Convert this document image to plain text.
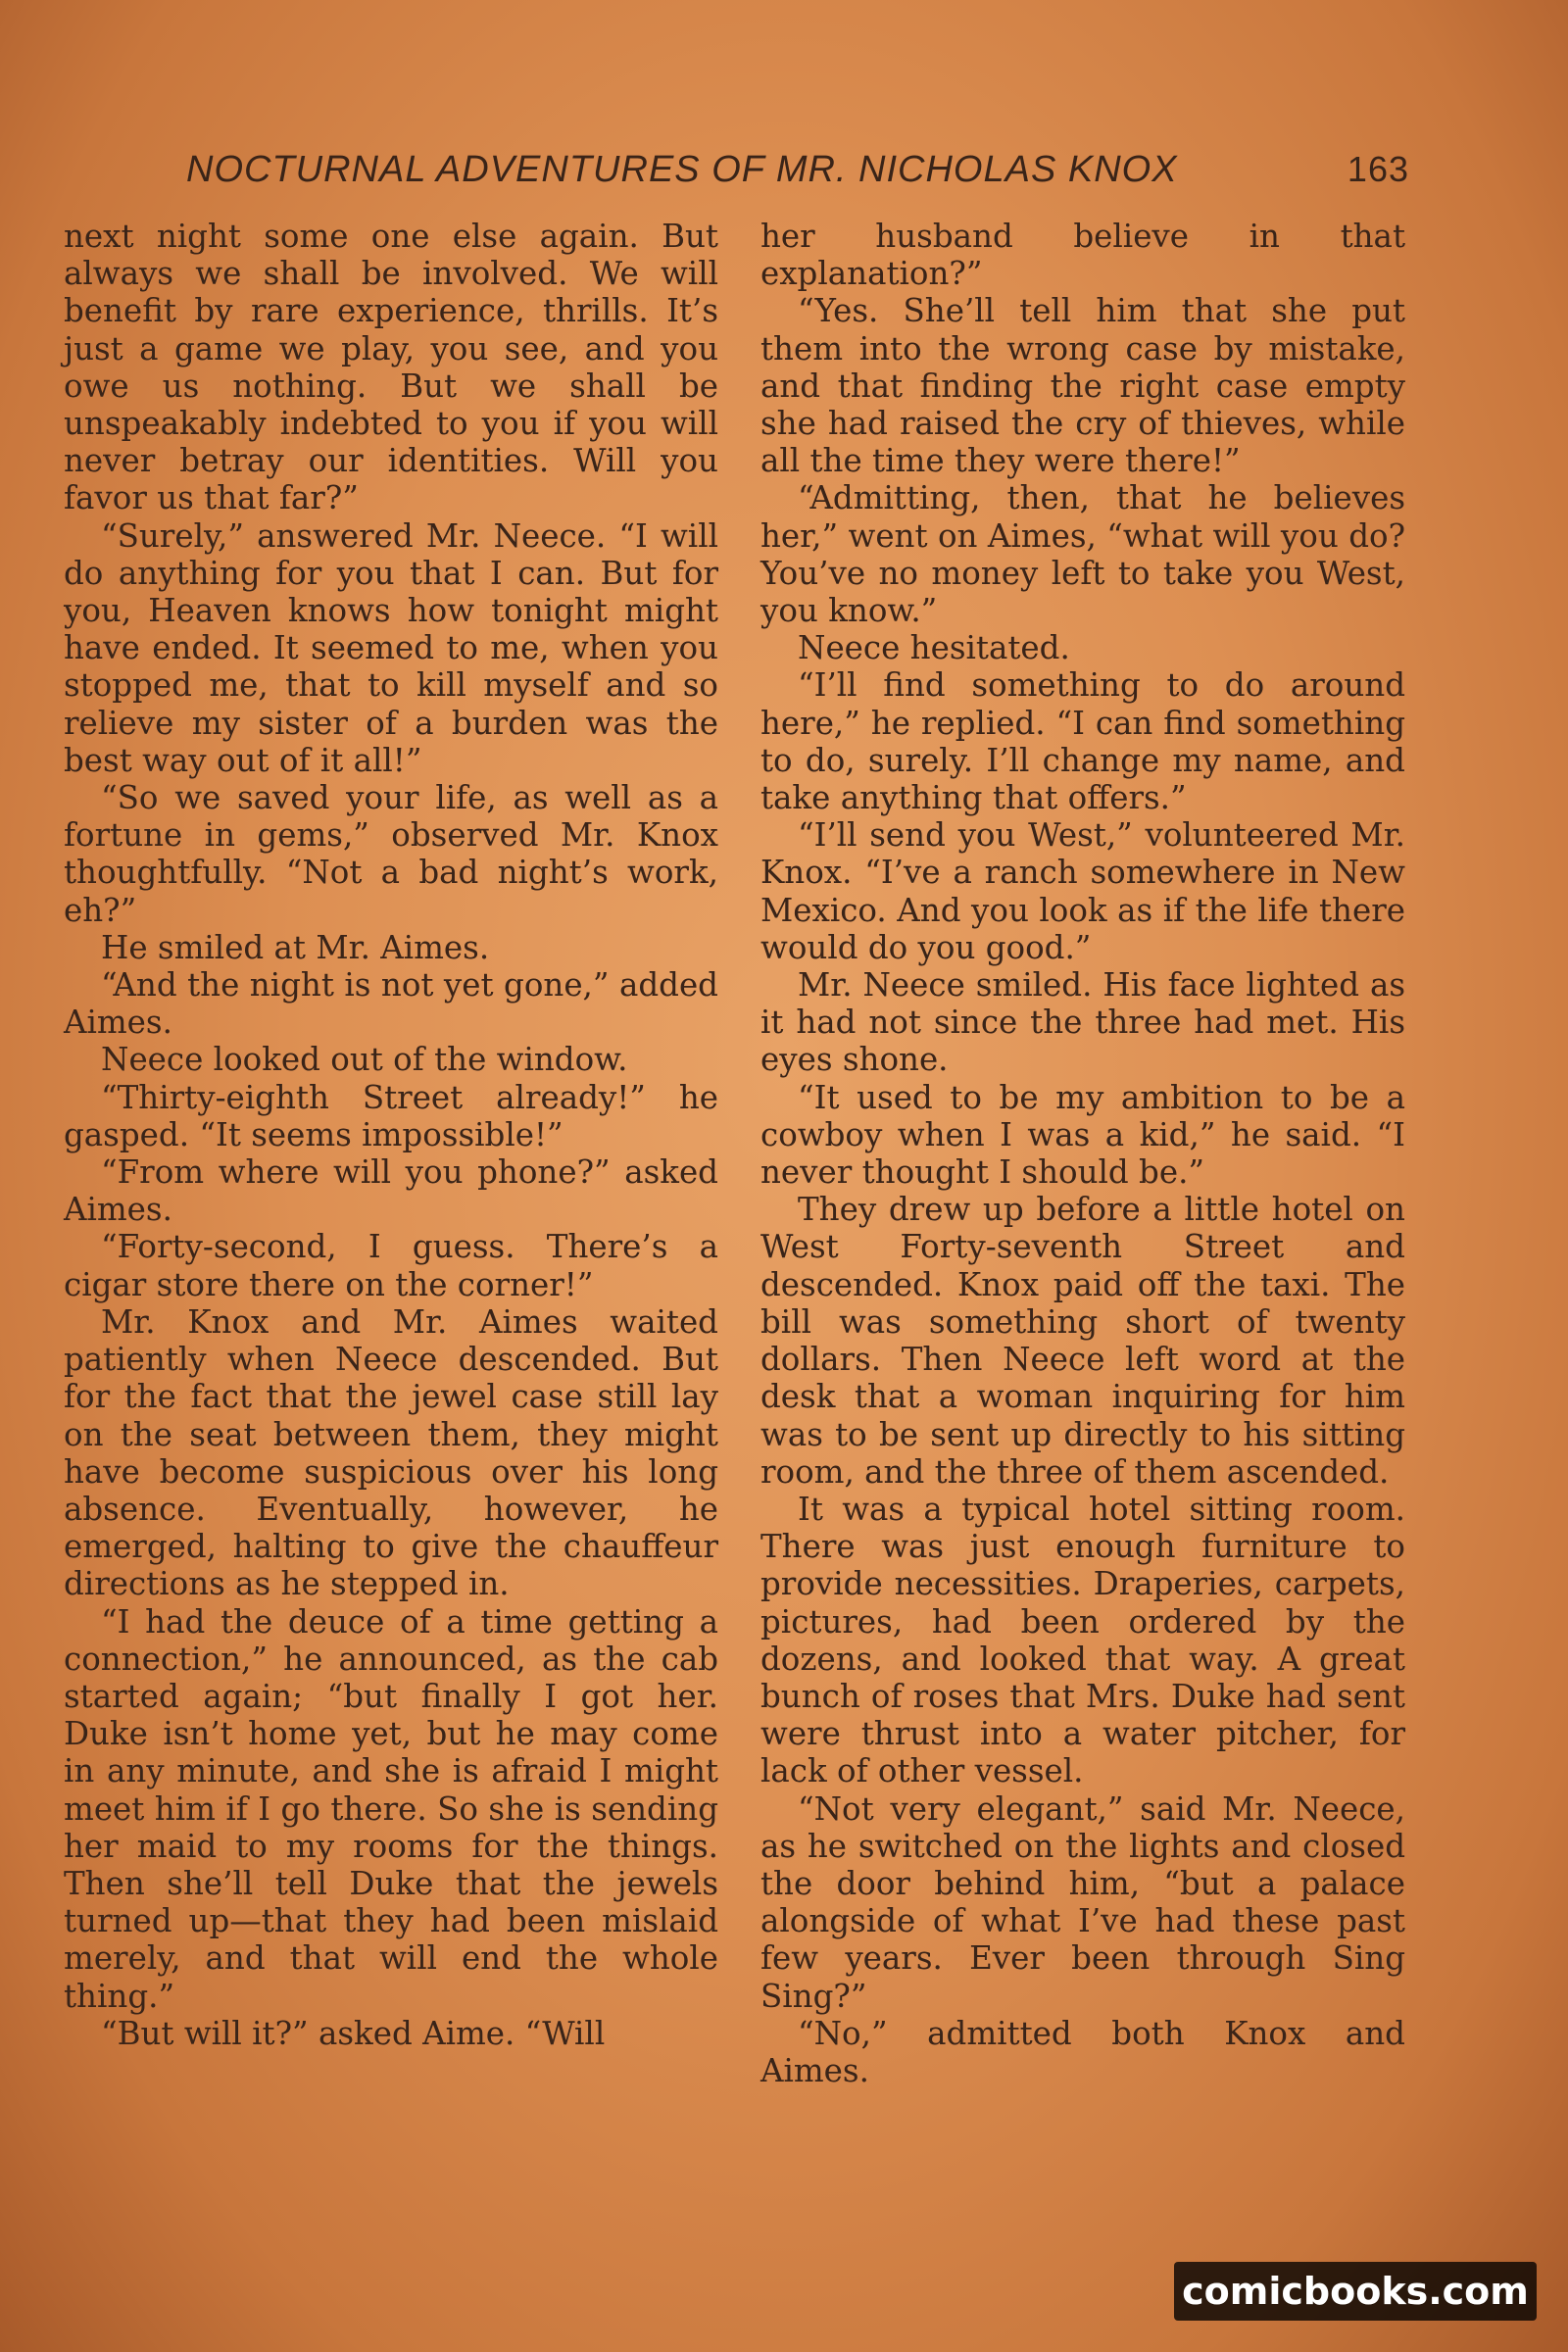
NOCTURNAL ADVENTURES OF MR. NICHOLAS KNOX	163

next night some one else again. But always we shall be involved. We will benefit by rare experience, thrills. It’s just a game we play, you see, and you owe us nothing. But we shall be unspeakably indebted to you if you will never betray our identities. Will you favor us that far?”

“Surely,” answered Mr. Neece. “I will do anything for you that I can. But for you, Heaven knows how tonight might have ended. It seemed to me, when you stopped me, that to kill myself and so relieve my sister of a burden was the best way out of it all!”

“So we saved your life, as well as a fortune in gems,” observed Mr. Knox thoughtfully. “Not a bad night’s work, eh?”

He smiled at Mr. Aimes.

“And the night is not yet gone,” added Aimes.

Neece looked out of the window.

“Thirty-eighth Street already!” he gasped. “It seems impossible!”

“From where will you phone?” asked Aimes.

“Forty-second, I guess. There’s a cigar store there on the corner!”

Mr. Knox and Mr. Aimes waited patiently when Neece descended. But for the fact that the jewel case still lay on the seat between them, they might have become suspicious over his long absence. Eventually, however, he emerged, halting to give the chauffeur directions as he stepped in.

“I had the deuce of a time getting a connection,” he announced, as the cab started again; “but finally I got her. Duke isn’t home yet, but he may come in any minute, and she is afraid I might meet him if I go there. So she is sending her maid to my rooms for the things. Then she’ll tell Duke that the jewels turned up—that they had been mislaid merely, and that will end the whole thing.”

“But will it?” asked Aime. “Will

her husband believe in that explanation?”

“Yes. She’ll tell him that she put them into the wrong case by mistake, and that finding the right case empty she had raised the cry of thieves, while all the time they were there!”

“Admitting, then, that he believes her,” went on Aimes, “what will you do? You’ve no money left to take you West, you know.”

Neece hesitated.

“I’ll find something to do around here,” he replied. “I can find something to do, surely. I’ll change my name, and take anything that offers.”

“I’ll send you West,” volunteered Mr. Knox. “I’ve a ranch somewhere in New Mexico. And you look as if the life there would do you good.”

Mr. Neece smiled. His face lighted as it had not since the three had met. His eyes shone.

“It used to be my ambition to be a cowboy when I was a kid,” he said. “I never thought I should be.”

They drew up before a little hotel on West Forty-seventh Street and descended. Knox paid off the taxi. The bill was something short of twenty dollars. Then Neece left word at the desk that a woman inquiring for him was to be sent up directly to his sitting room, and the three of them ascended.

It was a typical hotel sitting room. There was just enough furniture to provide necessities. Draperies, carpets, pictures, had been ordered by the dozens, and looked that way. A great bunch of roses that Mrs. Duke had sent were thrust into a water pitcher, for lack of other vessel.

“Not very elegant,” said Mr. Neece, as he switched on the lights and closed the door behind him, “but a palace alongside of what I’ve had these past few years. Ever been through Sing Sing?”

“No,” admitted both Knox and Aimes.

comicbooks.com
